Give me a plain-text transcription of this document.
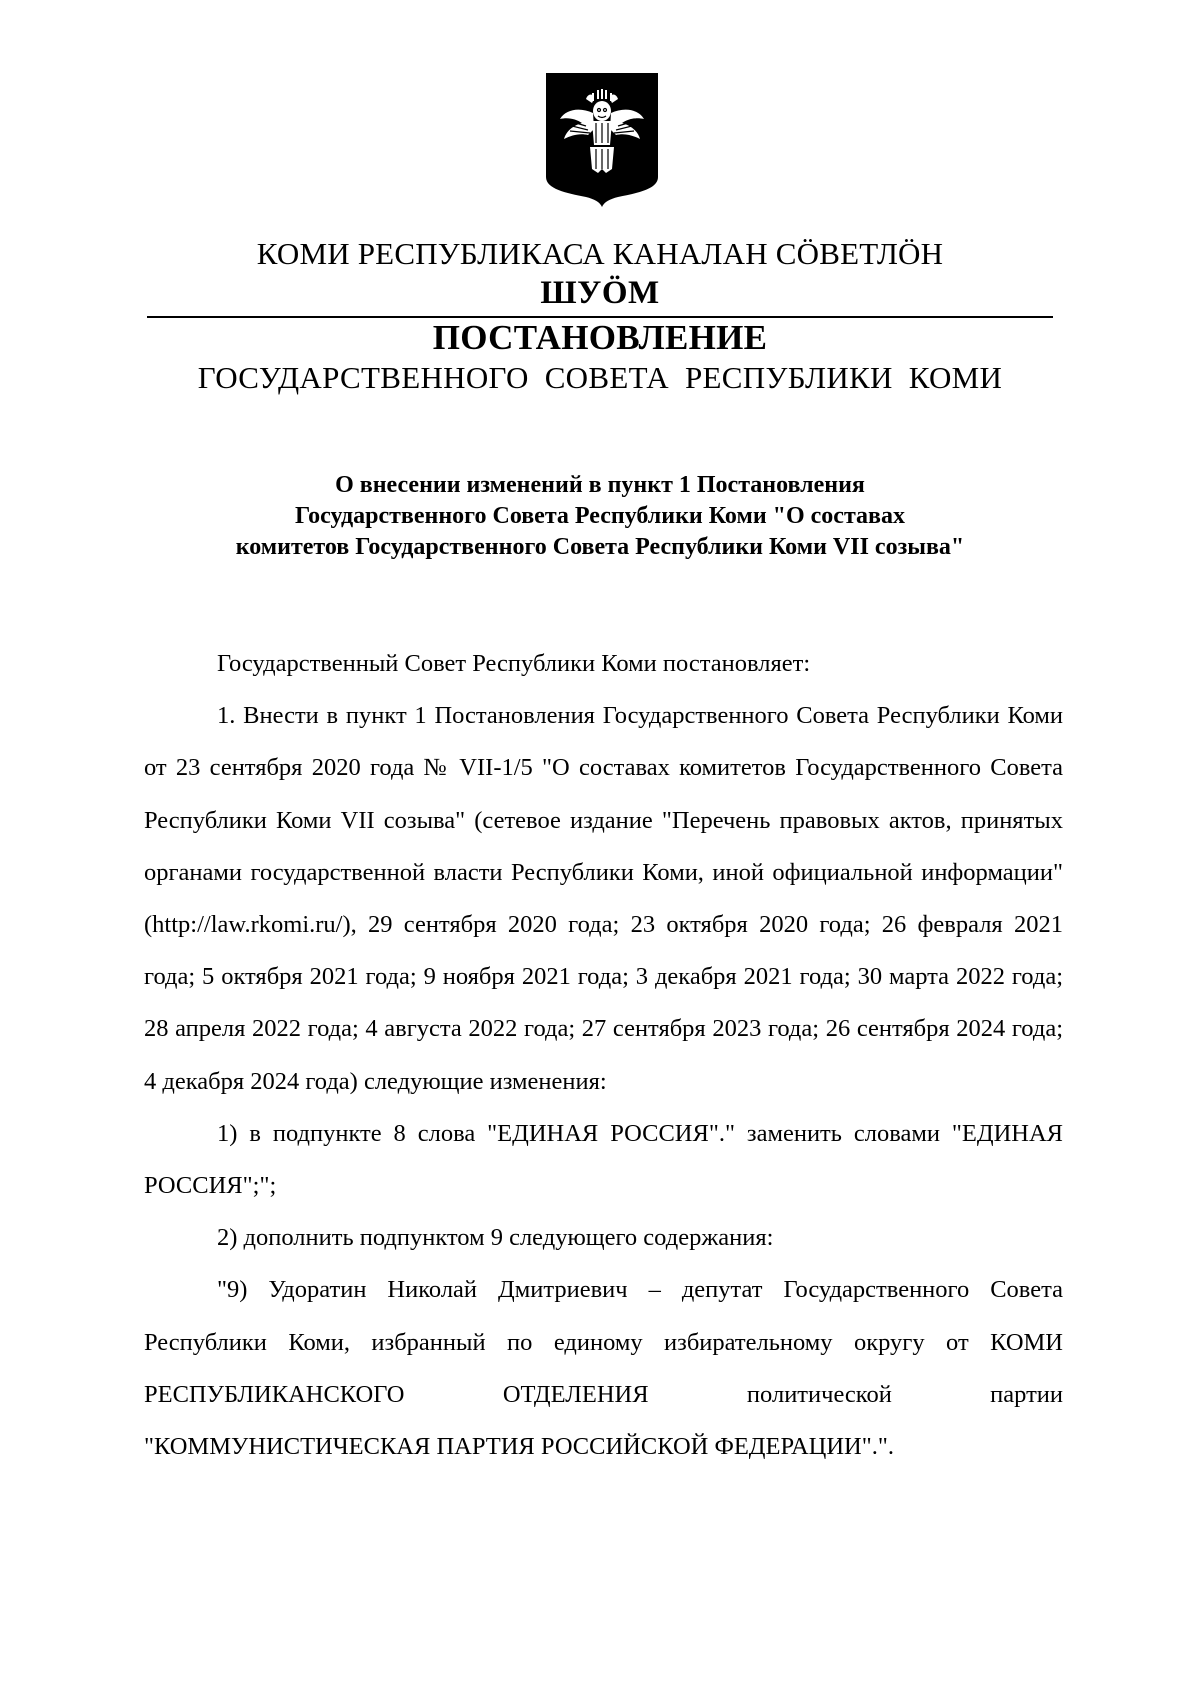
КОМИ РЕСПУБЛИКАСА КАНАЛАН СÖВЕТЛÖН
ШУÖМ
ПОСТАНОВЛЕНИЕ
ГОСУДАРСТВЕННОГО СОВЕТА РЕСПУБЛИКИ КОМИ
О внесении изменений в пункт 1 Постановления
Государственного Совета Республики Коми "О составах
комитетов Государственного Совета Республики Коми VII созыва"

Государственный Совет Республики Коми постановляет:

1. Внести в пункт 1 Постановления Государственного Совета Республики Коми от 23 сентября 2020 года № VII-1/5 "О составах комитетов Государственного Совета Республики Коми VII созыва" (сетевое издание "Перечень правовых актов, принятых органами государственной власти Республики Коми, иной официальной информации" (http://law.rkomi.ru/), 29 сентября 2020 года; 23 октября 2020 года; 26 февраля 2021 года; 5 октября 2021 года; 9 ноября 2021 года; 3 декабря 2021 года; 30 марта 2022 года; 28 апреля 2022 года; 4 августа 2022 года; 27 сентября 2023 года; 26 сентября 2024 года; 4 декабря 2024 года) следующие изменения:

1) в подпункте 8 слова "ЕДИНАЯ РОССИЯ"." заменить словами "ЕДИНАЯ РОССИЯ";";

2) дополнить подпунктом 9 следующего содержания:

"9) Удоратин Николай Дмитриевич – депутат Государственного Совета Республики Коми, избранный по единому избирательному округу от КОМИ РЕСПУБЛИКАНСКОГО ОТДЕЛЕНИЯ политической партии "КОММУНИСТИЧЕСКАЯ ПАРТИЯ РОССИЙСКОЙ ФЕДЕРАЦИИ".".
